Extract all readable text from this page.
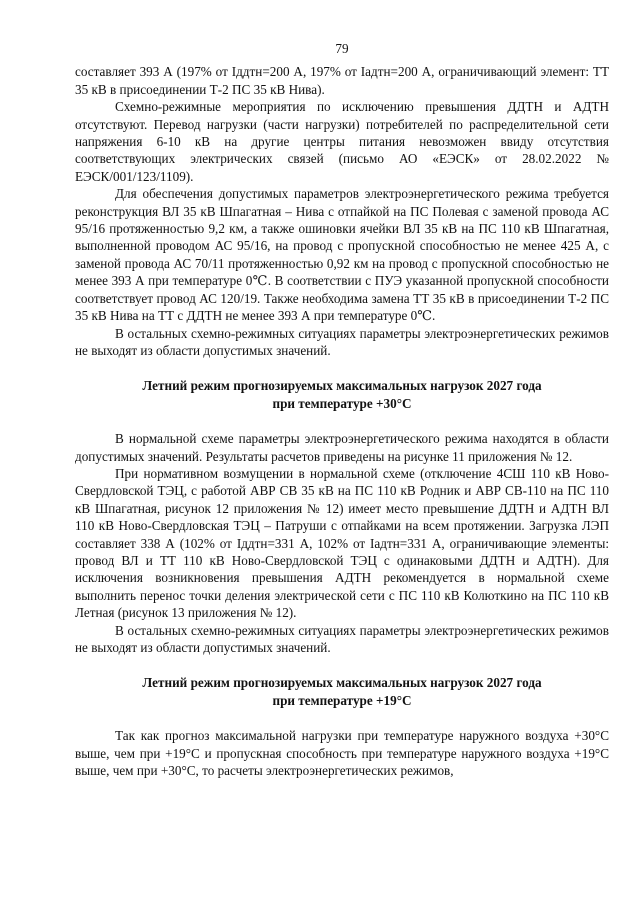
79

составляет 393 А (197% от Iддтн=200 А, 197% от Iадтн=200 А, ограничивающий элемент: ТТ 35 кВ в присоединении Т-2 ПС 35 кВ Нива).

Схемно-режимные мероприятия по исключению превышения ДДТН и АДТН отсутствуют. Перевод нагрузки (части нагрузки) потребителей по распределительной сети напряжения 6-10 кВ на другие центры питания невозможен ввиду отсутствия соответствующих электрических связей (письмо АО «ЕЭСК» от 28.02.2022 № ЕЭСК/001/123/1109).

Для обеспечения допустимых параметров электроэнергетического режима требуется реконструкция ВЛ 35 кВ Шпагатная – Нива с отпайкой на ПС Полевая с заменой провода АС 95/16 протяженностью 9,2 км, а также ошиновки ячейки ВЛ 35 кВ на ПС 110 кВ Шпагатная, выполненной проводом АС 95/16, на провод с пропускной способностью не менее 425 А, с заменой провода АС 70/11 протяженностью 0,92 км на провод с пропускной способностью не менее 393 А при температуре 0℃. В соответствии с ПУЭ указанной пропускной способности соответствует провод АС 120/19. Также необходима замена ТТ 35 кВ в присоединении Т-2 ПС 35 кВ Нива на ТТ с ДДТН не менее 393 А при температуре 0℃.

В остальных схемно-режимных ситуациях параметры электроэнергетических режимов не выходят из области допустимых значений.

Летний режим прогнозируемых максимальных нагрузок 2027 года
при температуре +30°С

В нормальной схеме параметры электроэнергетического режима находятся в области допустимых значений. Результаты расчетов приведены на рисунке 11 приложения № 12.

При нормативном возмущении в нормальной схеме (отключение 4СШ 110 кВ Ново-Свердловской ТЭЦ, с работой АВР СВ 35 кВ на ПС 110 кВ Родник и АВР СВ-110 на ПС 110 кВ Шпагатная, рисунок 12 приложения № 12) имеет место превышение ДДТН и АДТН ВЛ 110 кВ Ново-Свердловская ТЭЦ – Патруши с отпайками на всем протяжении. Загрузка ЛЭП составляет 338 А (102% от Iддтн=331 А, 102% от Iадтн=331 А, ограничивающие элементы: провод ВЛ и ТТ 110 кВ Ново-Свердловской ТЭЦ с одинаковыми ДДТН и АДТН). Для исключения возникновения превышения АДТН рекомендуется в нормальной схеме выполнить перенос точки деления электрической сети с ПС 110 кВ Колюткино на ПС 110 кВ Летная (рисунок 13 приложения № 12).

В остальных схемно-режимных ситуациях параметры электроэнергетических режимов не выходят из области допустимых значений.

Летний режим прогнозируемых максимальных нагрузок 2027 года
при температуре +19°С

Так как прогноз максимальной нагрузки при температуре наружного воздуха +30°С выше, чем при +19°С и пропускная способность при температуре наружного воздуха +19°С выше, чем при +30°С, то расчеты электроэнергетических режимов,
